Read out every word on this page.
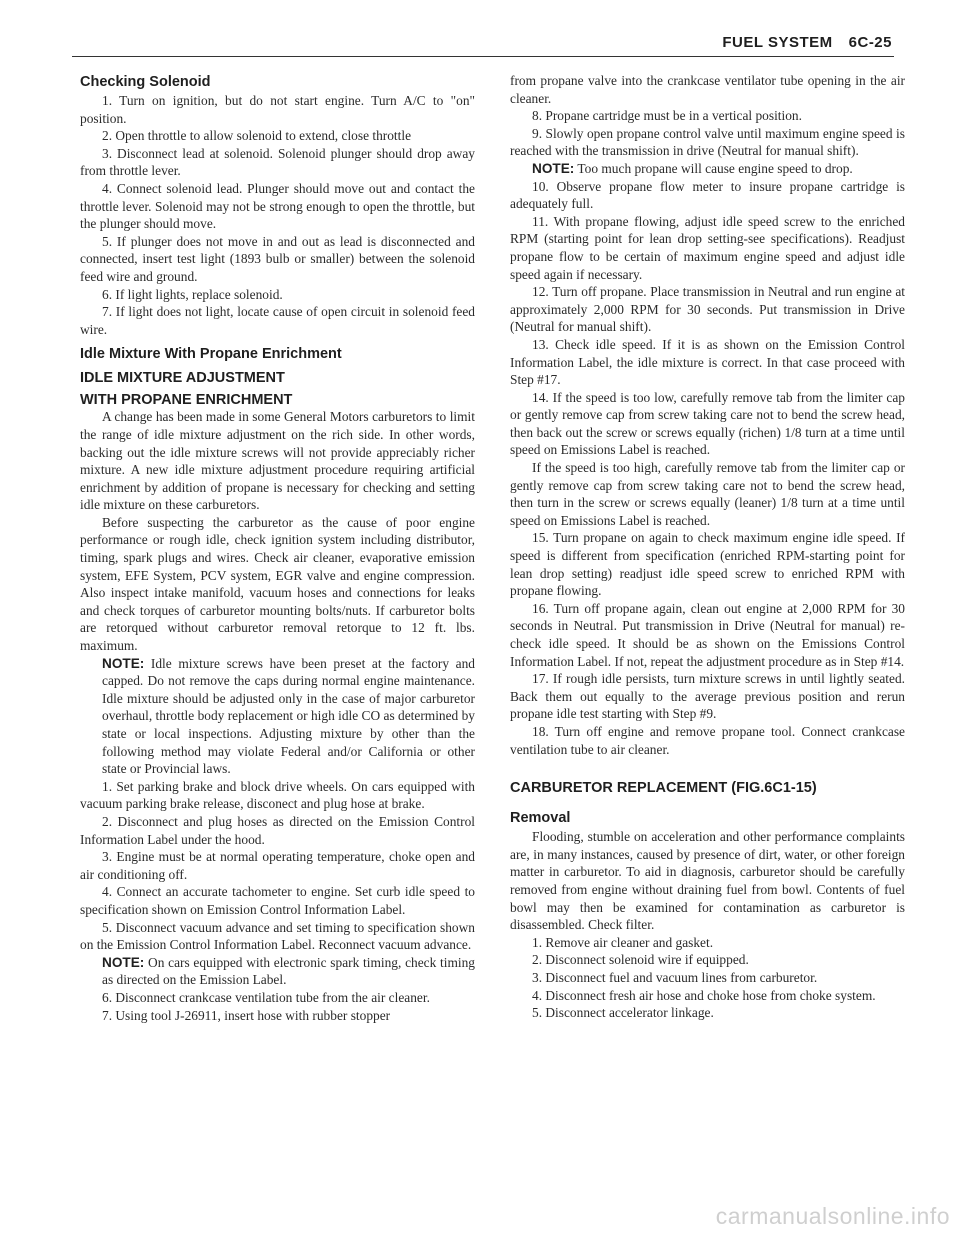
FUEL SYSTEM 6C-25
Checking Solenoid

1. Turn on ignition, but do not start engine. Turn A/C to "on" position.

2. Open throttle to allow solenoid to extend, close throttle

3. Disconnect lead at solenoid. Solenoid plunger should drop away from throttle lever.

4. Connect solenoid lead. Plunger should move out and contact the throttle lever. Solenoid may not be strong enough to open the throttle, but the plunger should move.

5. If plunger does not move in and out as lead is disconnected and connected, insert test light (1893 bulb or smaller) between the solenoid feed wire and ground.

6. If light lights, replace solenoid.

7. If light does not light, locate cause of open circuit in solenoid feed wire.

Idle Mixture With Propane Enrichment
IDLE MIXTURE ADJUSTMENT
WITH PROPANE ENRICHMENT

A change has been made in some General Motors carburetors to limit the range of idle mixture adjustment on the rich side. In other words, backing out the idle mixture screws will not provide appreciably richer mixture. A new idle mixture adjustment procedure requiring artificial enrichment by addition of propane is necessary for checking and setting idle mixture on these carburetors.

Before suspecting the carburetor as the cause of poor engine performance or rough idle, check ignition system including distributor, timing, spark plugs and wires. Check air cleaner, evaporative emission system, EFE System, PCV system, EGR valve and engine compression. Also inspect intake manifold, vacuum hoses and connections for leaks and check torques of carburetor mounting bolts/nuts. If carburetor bolts are retorqued without carburetor removal retorque to 12 ft. lbs. maximum.

NOTE: Idle mixture screws have been preset at the factory and capped. Do not remove the caps during normal engine maintenance. Idle mixture should be adjusted only in the case of major carburetor overhaul, throttle body replacement or high idle CO as determined by state or local inspections. Adjusting mixture by other than the following method may violate Federal and/or California or other state or Provincial laws.

1. Set parking brake and block drive wheels. On cars equipped with vacuum parking brake release, disconect and plug hose at brake.

2. Disconnect and plug hoses as directed on the Emission Control Information Label under the hood.

3. Engine must be at normal operating temperature, choke open and air conditioning off.

4. Connect an accurate tachometer to engine. Set curb idle speed to specification shown on Emission Control Information Label.

5. Disconnect vacuum advance and set timing to specification shown on the Emission Control Information Label. Reconnect vacuum advance.

NOTE: On cars equipped with electronic spark timing, check timing as directed on the Emission Label.

6. Disconnect crankcase ventilation tube from the air cleaner.

7. Using tool J-26911, insert hose with rubber stopper

from propane valve into the crankcase ventilator tube opening in the air cleaner.

8. Propane cartridge must be in a vertical position.

9. Slowly open propane control valve until maximum engine speed is reached with the transmission in drive (Neutral for manual shift).

NOTE: Too much propane will cause engine speed to drop.

10. Observe propane flow meter to insure propane cartridge is adequately full.

11. With propane flowing, adjust idle speed screw to the enriched RPM (starting point for lean drop setting-see specifications). Readjust propane flow to be certain of maximum engine speed and adjust idle speed again if necessary.

12. Turn off propane. Place transmission in Neutral and run engine at approximately 2,000 RPM for 30 seconds. Put transmission in Drive (Neutral for manual shift).

13. Check idle speed. If it is as shown on the Emission Control Information Label, the idle mixture is correct. In that case proceed with Step #17.

14. If the speed is too low, carefully remove tab from the limiter cap or gently remove cap from screw taking care not to bend the screw head, then back out the screw or screws equally (richen) 1/8 turn at a time until speed on Emissions Label is reached.

If the speed is too high, carefully remove tab from the limiter cap or gently remove cap from screw taking care not to bend the screw head, then turn in the screw or screws equally (leaner) 1/8 turn at a time until speed on Emissions Label is reached.

15. Turn propane on again to check maximum engine idle speed. If speed is different from specification (enriched RPM-starting point for lean drop setting) readjust idle speed screw to enriched RPM with propane flowing.

16. Turn off propane again, clean out engine at 2,000 RPM for 30 seconds in Neutral. Put transmission in Drive (Neutral for manual) re-check idle speed. It should be as shown on the Emissions Control Information Label. If not, repeat the adjustment procedure as in Step #14.

17. If rough idle persists, turn mixture screws in until lightly seated. Back them out equally to the average previous position and rerun propane idle test starting with Step #9.

18. Turn off engine and remove propane tool. Connect crankcase ventilation tube to air cleaner.

CARBURETOR REPLACEMENT (FIG.6C1-15)
Removal

Flooding, stumble on acceleration and other performance complaints are, in many instances, caused by presence of dirt, water, or other foreign matter in carburetor. To aid in diagnosis, carburetor should be carefully removed from engine without draining fuel from bowl. Contents of fuel bowl may then be examined for contamination as carburetor is disassembled. Check filter.

1. Remove air cleaner and gasket.

2. Disconnect solenoid wire if equipped.

3. Disconnect fuel and vacuum lines from carburetor.

4. Disconnect fresh air hose and choke hose from choke system.

5. Disconnect accelerator linkage.

carmanualsonline.info
